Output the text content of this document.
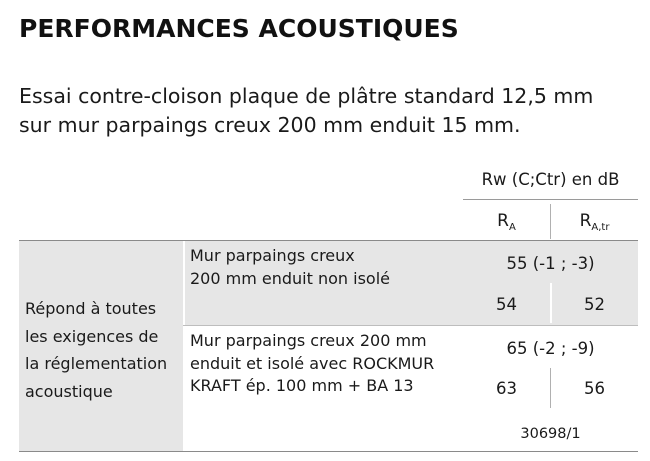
PERFORMANCES ACOUSTIQUES
Essai contre-cloison plaque de plâtre standard 12,5 mm
sur mur parpaings creux 200 mm enduit 15 mm.
Rw (C;Ctr) en dB
$R_A$	$R_{A,tr}$
Répond à toutes
les exigences de
la réglementation
acoustique
Mur parpaings creux
200 mm enduit non isolé
55 (-1 ; -3)
54	52
Mur parpaings creux 200 mm
enduit et isolé avec ROCKMUR
KRAFT ép. 100 mm + BA 13
65 (-2 ; -9)
63	56
30698/1
